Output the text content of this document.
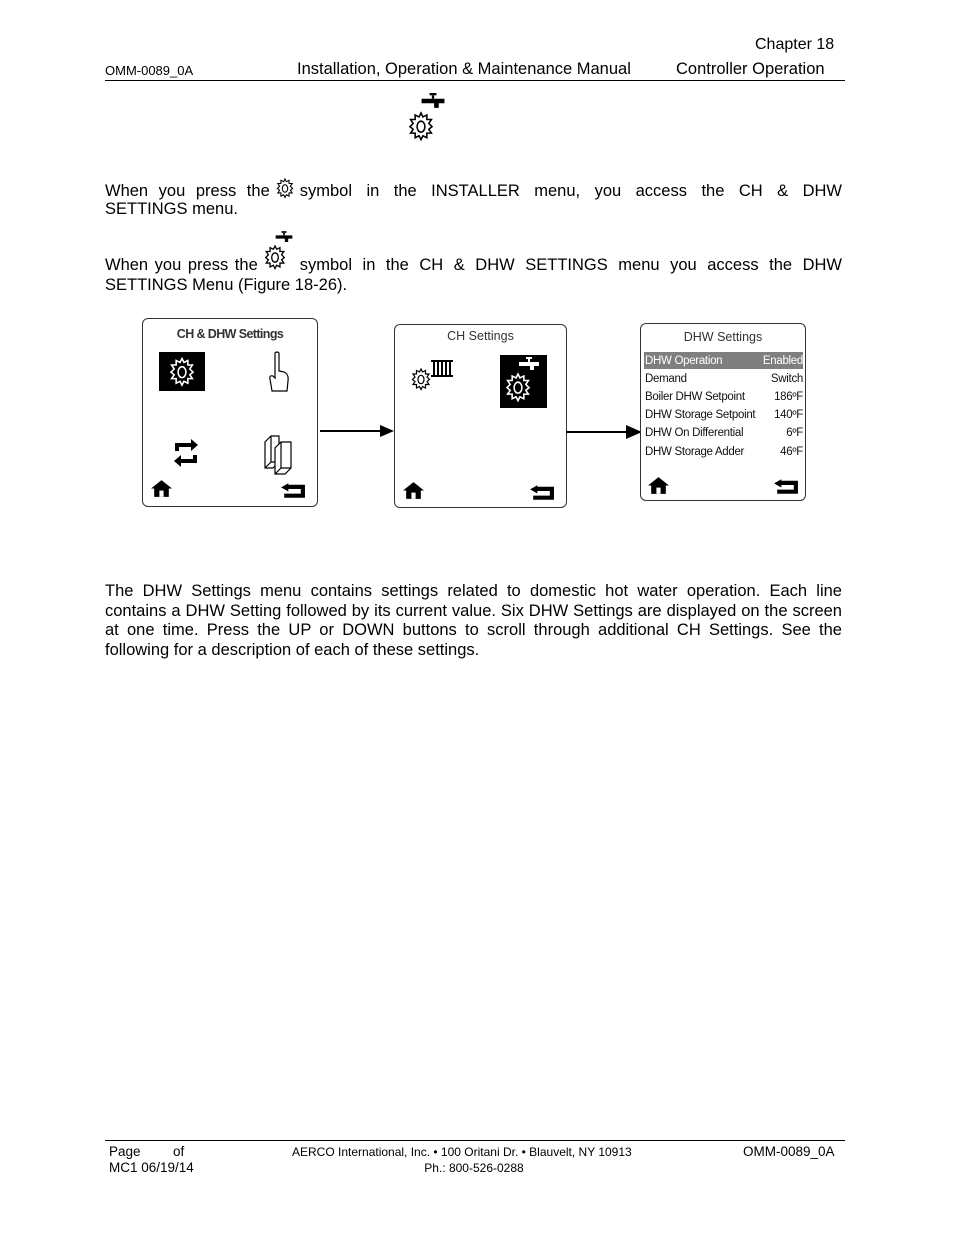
Chapter 18
OMM-0089_0A	Installation, Operation & Maintenance Manual	Controller Operation
When you press the symbol in the INSTALLER menu, you access the CH & DHW
SETTINGS menu.
When you press the	symbol in the CH & DHW SETTINGS menu you access the DHW
SETTINGS Menu (Figure 18-26).
CH & DHW Settings	CH Settings	DHW Settings
DHW Operation	Enabled
Demand	Switch
Boiler DHW Setpoint	186ºF
DHW Storage Setpoint 140ºF
DHW On Differential	6ºF
DHW Storage Adder	46ºF
The DHW Settings menu contains settings related to domestic hot water operation. Each line contains a DHW Setting followed by its current value. Six DHW Settings are displayed on the screen at one time. Press the UP or DOWN buttons to scroll through additional CH Settings. See the following for a description of each of these settings.
Page of
MC1 06/19/14
AERCO International, Inc. • 100 Oritani Dr. • Blauvelt, NY 10913
Ph.: 800-526-0288
OMM-0089_0A
